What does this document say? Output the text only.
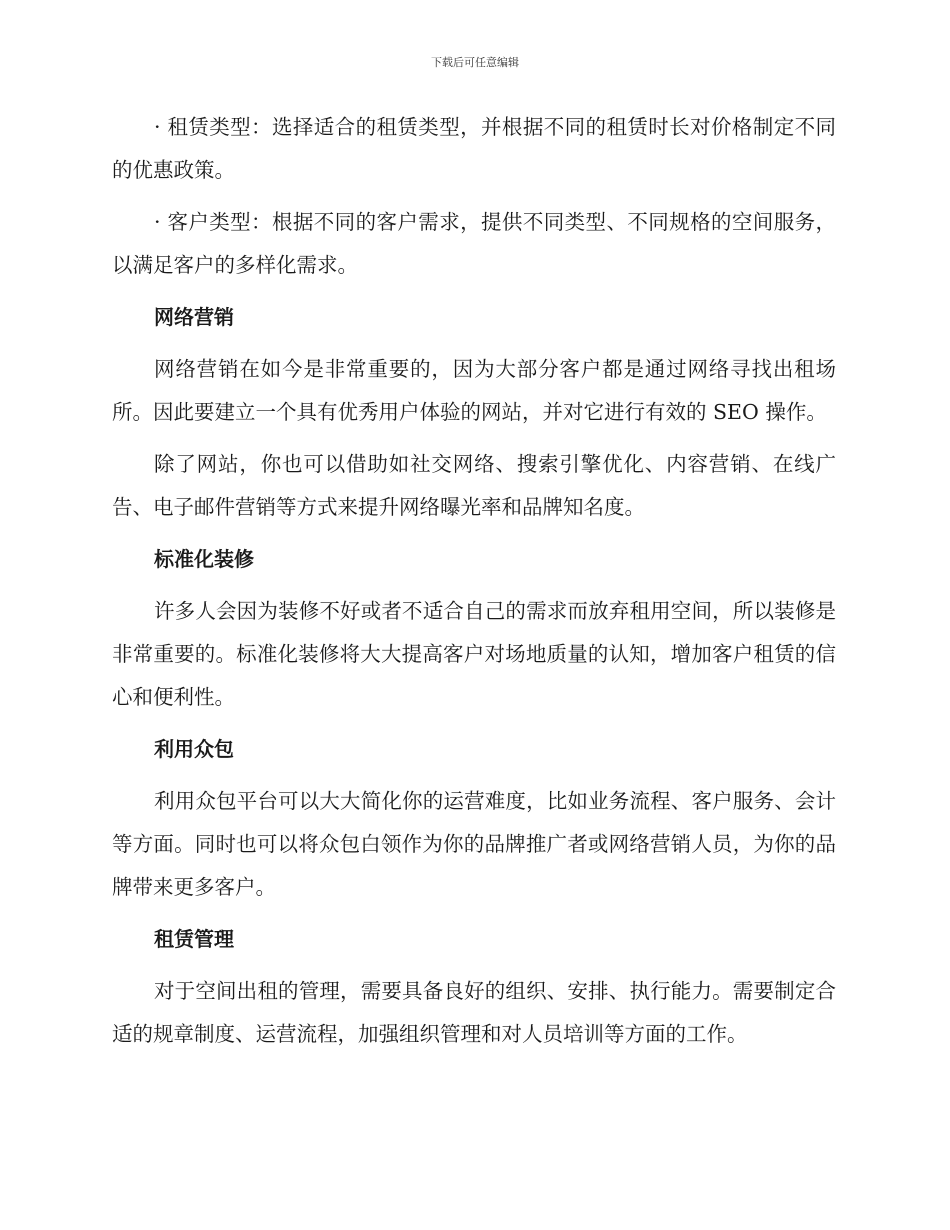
下载后可任意编辑

· 租赁类型：选择适合的租赁类型，并根据不同的租赁时长对价格制定不同的优惠政策。

· 客户类型：根据不同的客户需求，提供不同类型、不同规格的空间服务，以满足客户的多样化需求。

网络营销

网络营销在如今是非常重要的，因为大部分客户都是通过网络寻找出租场所。因此要建立一个具有优秀用户体验的网站，并对它进行有效的 SEO 操作。

除了网站，你也可以借助如社交网络、搜索引擎优化、内容营销、在线广告、电子邮件营销等方式来提升网络曝光率和品牌知名度。

标准化装修

许多人会因为装修不好或者不适合自己的需求而放弃租用空间，所以装修是非常重要的。标准化装修将大大提高客户对场地质量的认知，增加客户租赁的信心和便利性。

利用众包

利用众包平台可以大大简化你的运营难度，比如业务流程、客户服务、会计等方面。同时也可以将众包白领作为你的品牌推广者或网络营销人员，为你的品牌带来更多客户。

租赁管理

对于空间出租的管理，需要具备良好的组织、安排、执行能力。需要制定合适的规章制度、运营流程，加强组织管理和对人员培训等方面的工作。
